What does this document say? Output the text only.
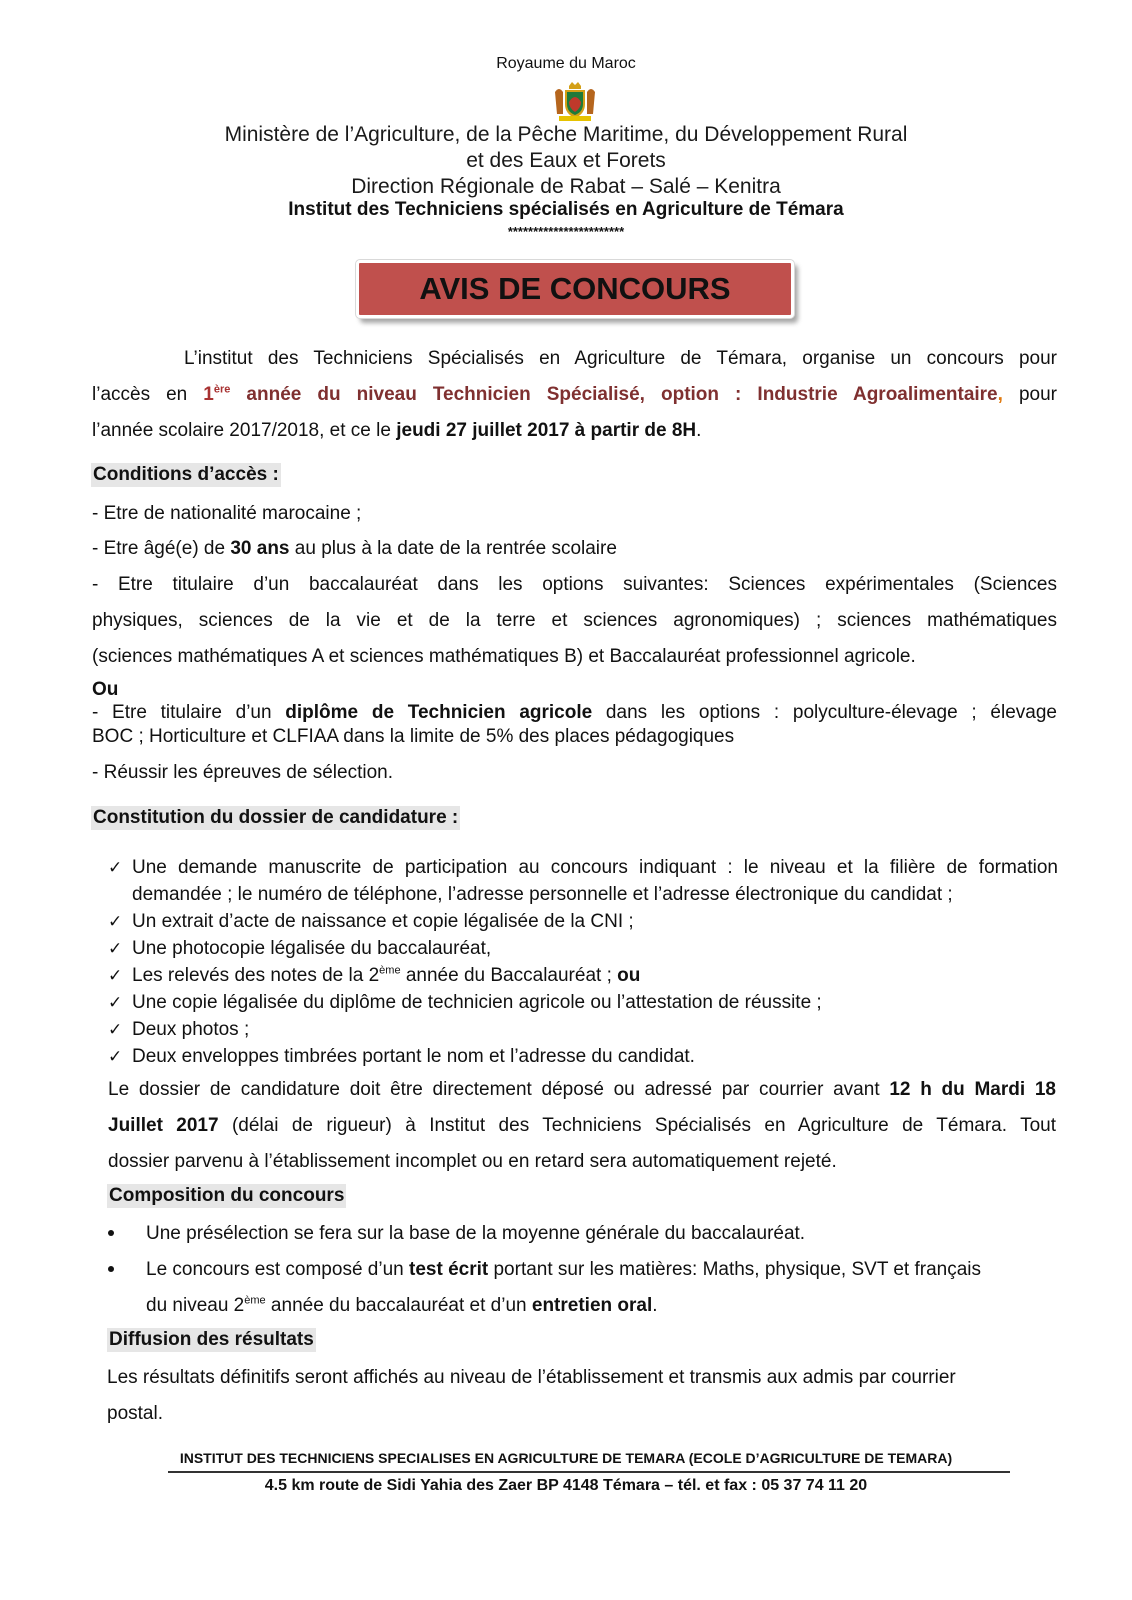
Royaume du Maroc
Ministère de l’Agriculture, de la Pêche Maritime, du Développement Rural
et des Eaux et Forets
Direction Régionale de Rabat – Salé – Kenitra
Institut des Techniciens spécialisés en Agriculture de Témara
***********************
AVIS DE CONCOURS
L’institut des Techniciens Spécialisés en Agriculture de Témara, organise un concours pour
l’accès en 1ère année du niveau Technicien Spécialisé, option : Industrie Agroalimentaire, pour
l’année scolaire 2017/2018, et ce le jeudi 27 juillet 2017 à partir de 8H.
Conditions d’accès :
- Etre de nationalité marocaine ;
- Etre âgé(e) de 30 ans au plus à la date de la rentrée scolaire
- Etre titulaire d’un baccalauréat dans les options suivantes: Sciences expérimentales (Sciences
physiques, sciences de la vie et de la terre et sciences agronomiques) ; sciences mathématiques
(sciences mathématiques A et sciences mathématiques B) et Baccalauréat professionnel agricole.
Ou
- Etre titulaire d’un diplôme de Technicien agricole dans les options : polyculture-élevage ; élevage
BOC ; Horticulture et CLFIAA dans la limite de 5% des places pédagogiques
- Réussir les épreuves de sélection.
Constitution du dossier de candidature :
✓ Une demande manuscrite de participation au concours indiquant : le niveau et la filière de formation demandée ; le numéro de téléphone, l’adresse personnelle et l’adresse électronique du candidat ;
✓ Un extrait d’acte de naissance et copie légalisée de la CNI ;
✓ Une photocopie légalisée du baccalauréat,
✓ Les relevés des notes de la 2ème année du Baccalauréat ; ou
✓ Une copie légalisée du diplôme de technicien agricole ou l’attestation de réussite ;
✓ Deux photos ;
✓ Deux enveloppes timbrées portant le nom et l’adresse du candidat.
Le dossier de candidature doit être directement déposé ou adressé par courrier avant 12 h du Mardi 18
Juillet 2017 (délai de rigueur) à Institut des Techniciens Spécialisés en Agriculture de Témara. Tout
dossier parvenu à l’établissement incomplet ou en retard sera automatiquement rejeté.
Composition du concours
Une présélection se fera sur la base de la moyenne générale du baccalauréat.
Le concours est composé d’un test écrit portant sur les matières: Maths, physique, SVT et français
du niveau 2ème année du baccalauréat et d’un entretien oral.
Diffusion des résultats
Les résultats définitifs seront affichés au niveau de l’établissement et transmis aux admis par courrier
postal.
INSTITUT DES TECHNICIENS SPECIALISES EN AGRICULTURE DE TEMARA (ECOLE D’AGRICULTURE DE TEMARA)
4.5 km route de Sidi Yahia des Zaer BP 4148 Témara – tél. et fax : 05 37 74 11 20
